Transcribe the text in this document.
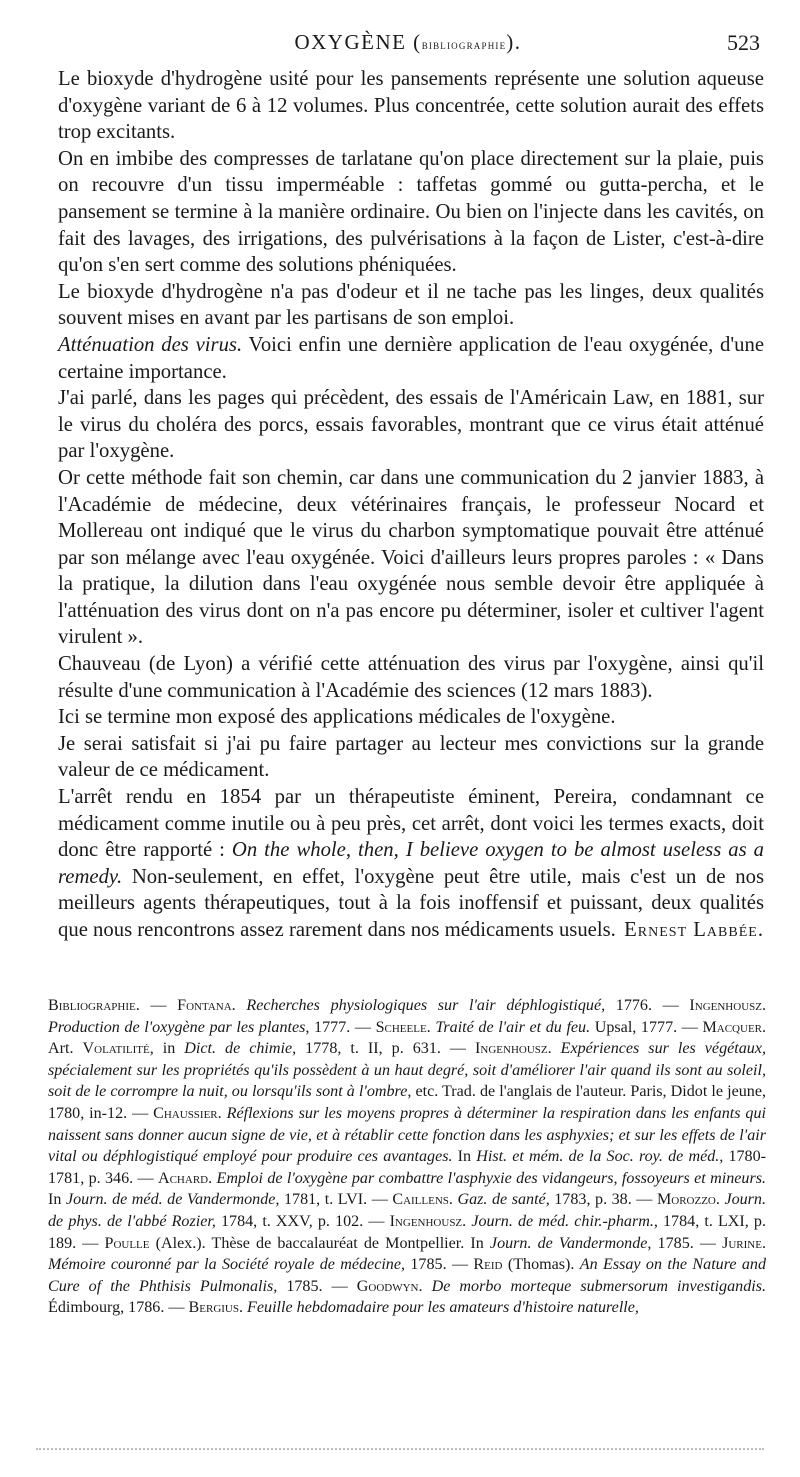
OXYGÈNE (bibliographie).	523

Le bioxyde d'hydrogène usité pour les pansements représente une solution aqueuse d'oxygène variant de 6 à 12 volumes. Plus concentrée, cette solution aurait des effets trop excitants.

On en imbibe des compresses de tarlatane qu'on place directement sur la plaie, puis on recouvre d'un tissu imperméable : taffetas gommé ou gutta-percha, et le pansement se termine à la manière ordinaire. Ou bien on l'injecte dans les cavités, on fait des lavages, des irrigations, des pulvérisations à la façon de Lister, c'est-à-dire qu'on s'en sert comme des solutions phéniquées.

Le bioxyde d'hydrogène n'a pas d'odeur et il ne tache pas les linges, deux qualités souvent mises en avant par les partisans de son emploi.

Atténuation des virus. Voici enfin une dernière application de l'eau oxygénée, d'une certaine importance.

J'ai parlé, dans les pages qui précèdent, des essais de l'Américain Law, en 1881, sur le virus du choléra des porcs, essais favorables, montrant que ce virus était atténué par l'oxygène.

Or cette méthode fait son chemin, car dans une communication du 2 janvier 1883, à l'Académie de médecine, deux vétérinaires français, le professeur Nocard et Mollereau ont indiqué que le virus du charbon symptomatique pouvait être atténué par son mélange avec l'eau oxygénée. Voici d'ailleurs leurs propres paroles : « Dans la pratique, la dilution dans l'eau oxygénée nous semble devoir être appliquée à l'atténuation des virus dont on n'a pas encore pu déterminer, isoler et cultiver l'agent virulent ».

Chauveau (de Lyon) a vérifié cette atténuation des virus par l'oxygène, ainsi qu'il résulte d'une communication à l'Académie des sciences (12 mars 1883).

Ici se termine mon exposé des applications médicales de l'oxygène.

Je serai satisfait si j'ai pu faire partager au lecteur mes convictions sur la grande valeur de ce médicament.

L'arrêt rendu en 1854 par un thérapeutiste éminent, Pereira, condamnant ce médicament comme inutile ou à peu près, cet arrêt, dont voici les termes exacts, doit donc être rapporté : On the whole, then, I believe oxygen to be almost useless as a remedy. Non-seulement, en effet, l'oxygène peut être utile, mais c'est un de nos meilleurs agents thérapeutiques, tout à la fois inoffensif et puissant, deux qualités que nous rencontrons assez rarement dans nos médicaments usuels. Ernest Labbée.

Bibliographie. — Fontana. Recherches physiologiques sur l'air déphlogistiqué, 1776. — Ingenhousz. Production de l'oxygène par les plantes, 1777. — Scheele. Traité de l'air et du feu. Upsal, 1777. — Macquer. Art. Volatilité, in Dict. de chimie, 1778, t. II, p. 631. — Ingenhousz. Expériences sur les végétaux, spécialement sur les propriétés qu'ils possèdent à un haut degré, soit d'améliorer l'air quand ils sont au soleil, soit de le corrompre la nuit, ou lorsqu'ils sont à l'ombre, etc. Trad. de l'anglais de l'auteur. Paris, Didot le jeune, 1780, in-12. — Chaussier. Réflexions sur les moyens propres à déterminer la respiration dans les enfants qui naissent sans donner aucun signe de vie, et à rétablir cette fonction dans les asphyxies; et sur les effets de l'air vital ou déphlogistiqué employé pour produire ces avantages. In Hist. et mém. de la Soc. roy. de méd., 1780-1781, p. 346. — Achard. Emploi de l'oxygène par combattre l'asphyxie des vidangeurs, fossoyeurs et mineurs. In Journ. de méd. de Vandermonde, 1781, t. LVI. — Caillens. Gaz. de santé, 1783, p. 38. — Morozzo. Journ. de phys. de l'abbé Rozier, 1784, t. XXV, p. 102. — Ingenhousz. Journ. de méd. chir.-pharm., 1784, t. LXI, p. 189. — Poulle (Alex.). Thèse de baccalauréat de Montpellier. In Journ. de Vandermonde, 1785. — Jurine. Mémoire couronné par la Société royale de médecine, 1785. — Reid (Thomas). An Essay on the Nature and Cure of the Phthisis Pulmonalis, 1785. — Goodwyn. De morbo morteque submersorum investigandis. Édimbourg, 1786. — Bergius. Feuille hebdomadaire pour les amateurs d'histoire naturelle,
